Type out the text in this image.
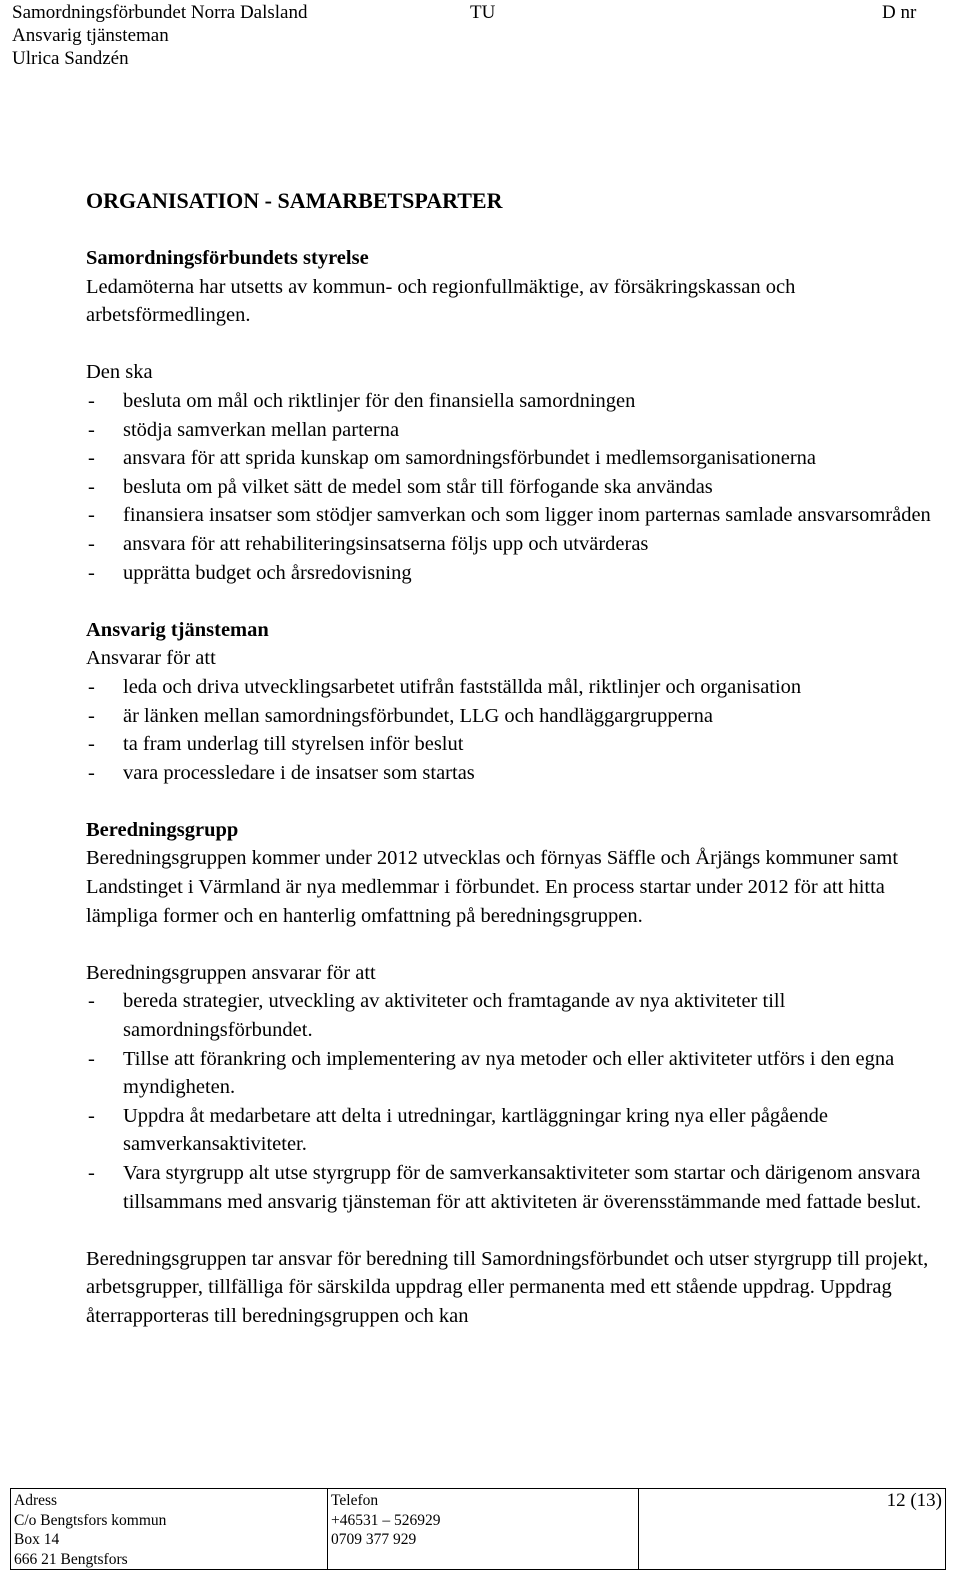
Samordningsförbundet Norra Dalsland
Ansvarig tjänsteman
Ulrica Sandzén
TU	D nr
ORGANISATION - SAMARBETSPARTER
Samordningsförbundets styrelse

Ledamöterna har utsetts av kommun- och regionfullmäktige, av försäkringskassan och arbetsförmedlingen.

Den ska

- besluta om mål och riktlinjer för den finansiella samordningen
- stödja samverkan mellan parterna
- ansvara för att sprida kunskap om samordningsförbundet i medlemsorganisationerna
- besluta om på vilket sätt de medel som står till förfogande ska användas
- finansiera insatser som stödjer samverkan och som ligger inom parternas samlade ansvarsområden
- ansvara för att rehabiliteringsinsatserna följs upp och utvärderas
- upprätta budget och årsredovisning
Ansvarig tjänsteman

Ansvarar för att

- leda och driva utvecklingsarbetet utifrån fastställda mål, riktlinjer och organisation
- är länken mellan samordningsförbundet, LLG och handläggargrupperna
- ta fram underlag till styrelsen inför beslut
- vara processledare i de insatser som startas
Beredningsgrupp

Beredningsgruppen kommer under 2012 utvecklas och förnyas Säffle och Årjängs kommuner samt Landstinget i Värmland är nya medlemmar i förbundet. En process startar under 2012 för att hitta lämpliga former och en hanterlig omfattning på beredningsgruppen.

Beredningsgruppen ansvarar för att

- bereda strategier, utveckling av aktiviteter och framtagande av nya aktiviteter till samordningsförbundet.
- Tillse att förankring och implementering av nya metoder och eller aktiviteter utförs i den egna myndigheten.
- Uppdra åt medarbetare att delta i utredningar, kartläggningar kring nya eller pågående samverkansaktiviteter.
- Vara styrgrupp alt utse styrgrupp för de samverkansaktiviteter som startar och därigenom ansvara tillsammans med ansvarig tjänsteman för att aktiviteten är överensstämmande med fattade beslut.

Beredningsgruppen tar ansvar för beredning till Samordningsförbundet och utser styrgrupp till projekt, arbetsgrupper, tillfälliga för särskilda uppdrag eller permanenta med ett stående uppdrag. Uppdrag återrapporteras till beredningsgruppen och kan

Adress
C/o Bengtsfors kommun
Box 14
666 21 Bengtsfors

Telefon
+46531 – 526929
0709 377 929
	12 (13)
